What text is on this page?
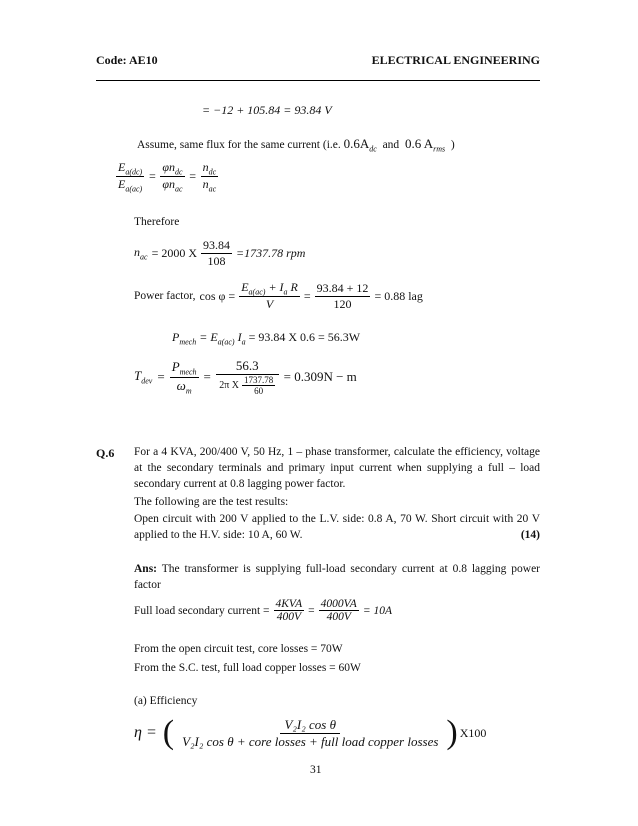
Code: AE10	ELECTRICAL ENGINEERING
= −12 + 105.84 = 93.84 V
Assume, same flux for the same current (i.e. $0.6A_{dc}$ and 0.6 $A_{rms}$ )
$\frac{E_{a(dc)}}{E_{a(ac)}} = \frac{\varphi n_{dc}}{\varphi n_{ac}} = \frac{n_{dc}}{n_{ac}}$
Therefore
$n_{ac} = 2000$ X $\frac{93.84}{108} =1737.78$ rpm
Power factor, $\cos \varphi = \frac{E_{a(ac)} + I_a R}{V} = \frac{93.84 + 12}{120} = 0.88$ lag
$P_{mech} = E_{a(ac)}$ $I_a = 93.84$ X 0.6 = 56.3W
$T_{dev} = \frac{P_{mech}}{\omega_m} = \frac{56.3}{2\pi X \frac{1737.78}{60}} = 0.309N - m$
Q.6 For a 4 KVA, 200/400 V, 50 Hz, 1 – phase transformer, calculate the efficiency, voltage at the secondary terminals and primary input current when supplying a full – load secondary current at 0.8 lagging power factor.
The following are the test results:
Open circuit with 200 V applied to the L.V. side: 0.8 A, 70 W. Short circuit with 20 V applied to the H.V. side: 10 A, 60 W.	(14)
Ans: The transformer is supplying full-load secondary current at 0.8 lagging power factor
Full load secondary current = $\frac{\text{4KVA}}{400V} = \frac{4000VA}{400V} = 10A$
From the open circuit test, core losses = 70W
From the S.C. test, full load copper losses = 60W
(a) Efficiency
η = ( $\frac{\text{V₂I₂ cos θ}}{\text{V₂I₂ cos θ + core losses + full load copper losses}}$ ) X100
31
